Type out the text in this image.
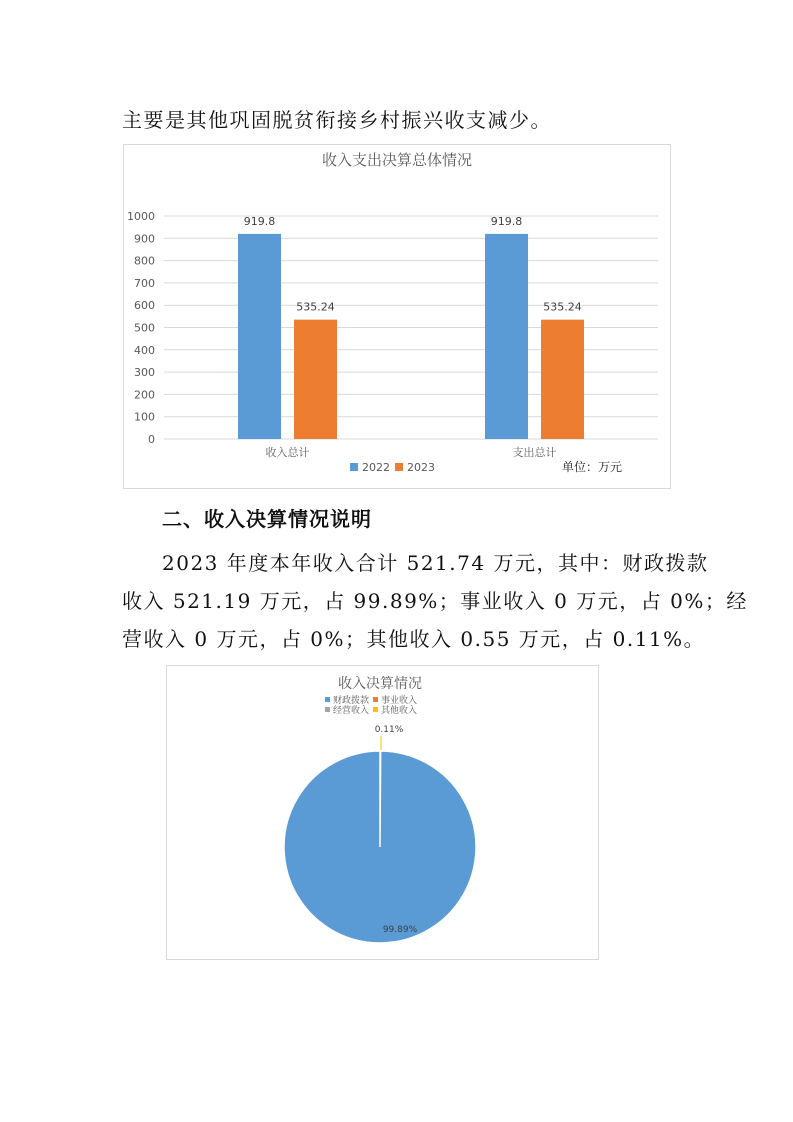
主要是其他巩固脱贫衔接乡村振兴收支减少。

收入支出决算总体情况
0
100
200
300
400
500
600
700
800
900
1000	919.8
535.24
收入总计
919.8
535.24
支出总计
2022 2023	单位：万元

二、收入决算情况说明

2023 年度本年收入合计 521.74 万元，其中：财政拨款

收入 521.19 万元，占 99.89%；事业收入 0 万元，占 0%；经

营收入 0 万元，占 0%；其他收入 0.55 万元，占 0.11%。

收入决算情况
财政拨款 事业收入
经营收入 其他收入
0.11%
99.89%
